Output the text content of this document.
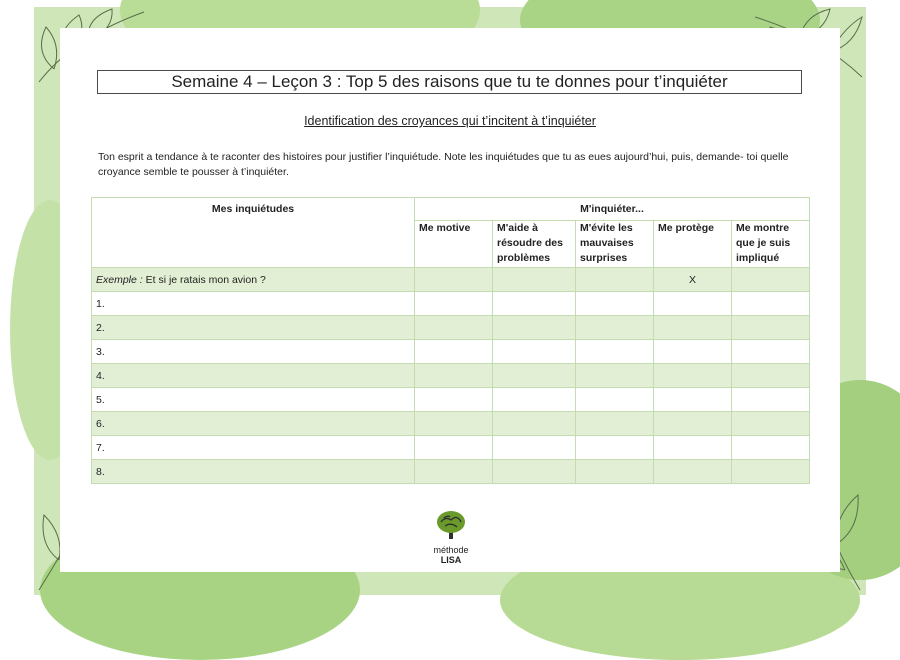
Semaine 4 – Leçon 3 : Top 5 des raisons que tu te donnes pour t’inquiéter
Identification des croyances qui t’incitent à t’inquiéter
Ton esprit a tendance à te raconter des histoires pour justifier l’inquiétude. Note les inquiétudes que tu as eues aujourd’hui, puis, demande- toi quelle croyance semble te pousser à t’inquiéter.
Mes inquiétudes	M'inquiéter...				
	Me motive	M'aide à résoudre des problèmes	M'évite les mauvaises surprises	Me protège	Me montre que je suis impliqué
Exemple : Et si je ratais mon avion ?				X	
1.					
2.					
3.					
4.					
5.					
6.					
7.					
8.					
méthode
LISA
